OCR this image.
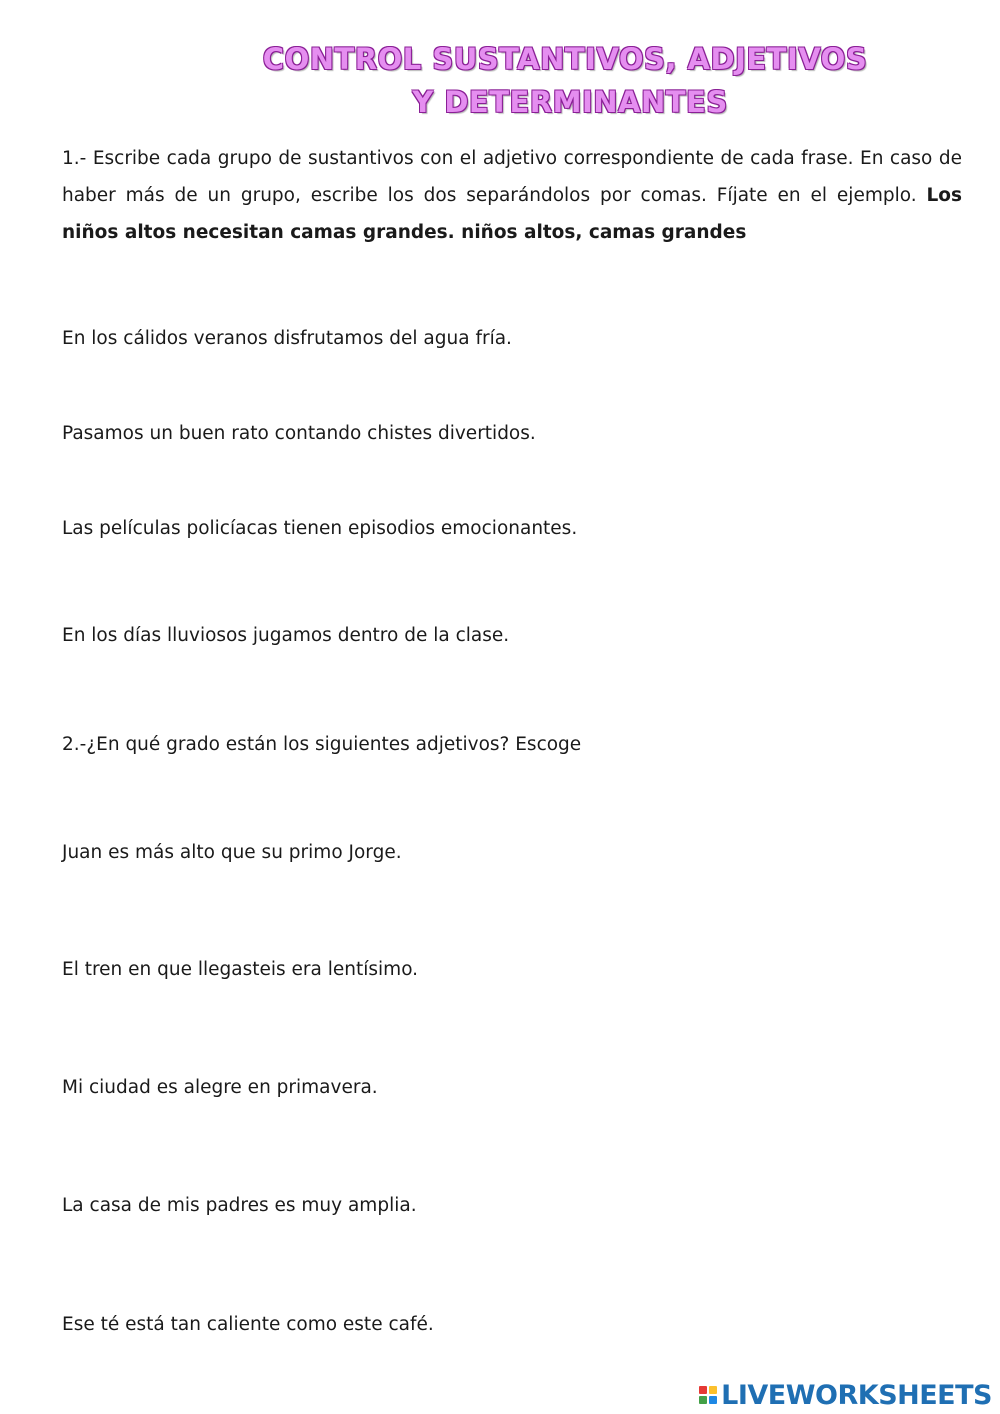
CONTROL SUSTANTIVOS, ADJETIVOS
Y DETERMINANTES

1.- Escribe cada grupo de sustantivos con el adjetivo correspondiente de cada frase. En caso de haber más de un grupo, escribe los dos separándolos por comas. Fíjate en el ejemplo. Los niños altos necesitan camas grandes. niños altos, camas grandes

En los cálidos veranos disfrutamos del agua fría.

Pasamos un buen rato contando chistes divertidos.

Las películas policíacas tienen episodios emocionantes.

En los días lluviosos jugamos dentro de la clase.

2.-¿En qué grado están los siguientes adjetivos? Escoge

Juan es más alto que su primo Jorge.

El tren en que llegasteis era lentísimo.

Mi ciudad es alegre en primavera.

La casa de mis padres es muy amplia.

Ese té está tan caliente como este café.

LIVEWORKSHEETS
